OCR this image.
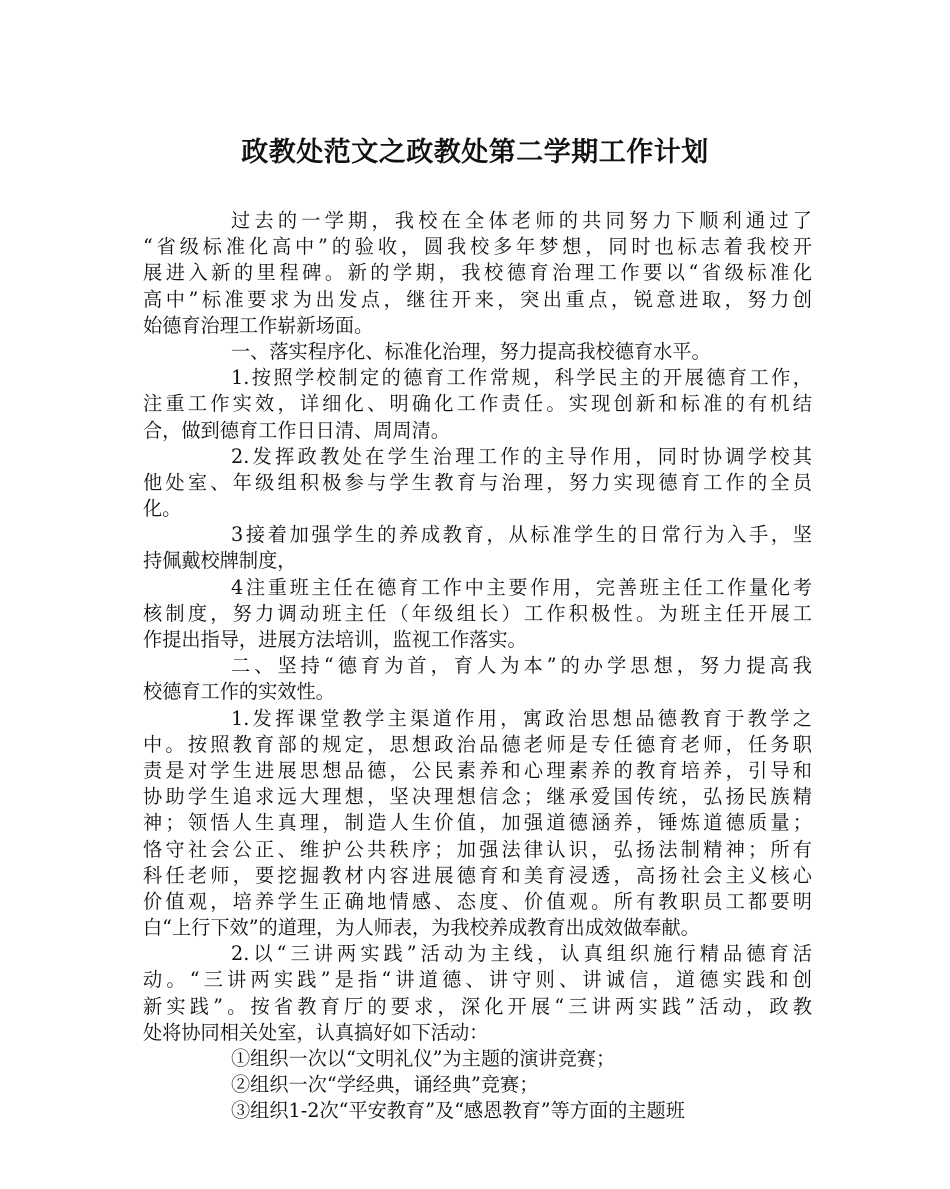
政教处范文之政教处第二学期工作计划
过去的一学期，我校在全体老师的共同努力下顺利通过了
“省级标准化高中”的验收，圆我校多年梦想，同时也标志着我校开
展进入新的里程碑。新的学期，我校德育治理工作要以“省级标准化
高中”标准要求为出发点，继往开来，突出重点，锐意进取，努力创
始德育治理工作崭新场面。
一、落实程序化、标准化治理，努力提高我校德育水平。
1.按照学校制定的德育工作常规，科学民主的开展德育工作，
注重工作实效，详细化、明确化工作责任。实现创新和标准的有机结
合，做到德育工作日日清、周周清。
2.发挥政教处在学生治理工作的主导作用，同时协调学校其
他处室、年级组积极参与学生教育与治理，努力实现德育工作的全员
化。
3接着加强学生的养成教育，从标准学生的日常行为入手，坚
持佩戴校牌制度，
4注重班主任在德育工作中主要作用，完善班主任工作量化考
核制度，努力调动班主任（年级组长）工作积极性。为班主任开展工
作提出指导，进展方法培训，监视工作落实。
二、坚持“德育为首，育人为本”的办学思想，努力提高我
校德育工作的实效性。
1.发挥课堂教学主渠道作用，寓政治思想品德教育于教学之
中。按照教育部的规定，思想政治品德老师是专任德育老师，任务职
责是对学生进展思想品德，公民素养和心理素养的教育培养，引导和
协助学生追求远大理想，坚决理想信念；继承爱国传统，弘扬民族精
神；领悟人生真理，制造人生价值，加强道德涵养，锤炼道德质量；
恪守社会公正、维护公共秩序；加强法律认识，弘扬法制精神；所有
科任老师，要挖掘教材内容进展德育和美育浸透，高扬社会主义核心
价值观，培养学生正确地情感、态度、价值观。所有教职员工都要明
白“上行下效”的道理，为人师表，为我校养成教育出成效做奉献。
2.以“三讲两实践”活动为主线，认真组织施行精品德育活
动。“三讲两实践”是指“讲道德、讲守则、讲诚信，道德实践和创
新实践”。按省教育厅的要求，深化开展“三讲两实践”活动，政教
处将协同相关处室，认真搞好如下活动：
①组织一次以“文明礼仪”为主题的演讲竞赛；
②组织一次“学经典，诵经典”竞赛；
③组织1-2次“平安教育”及“感恩教育”等方面的主题班
